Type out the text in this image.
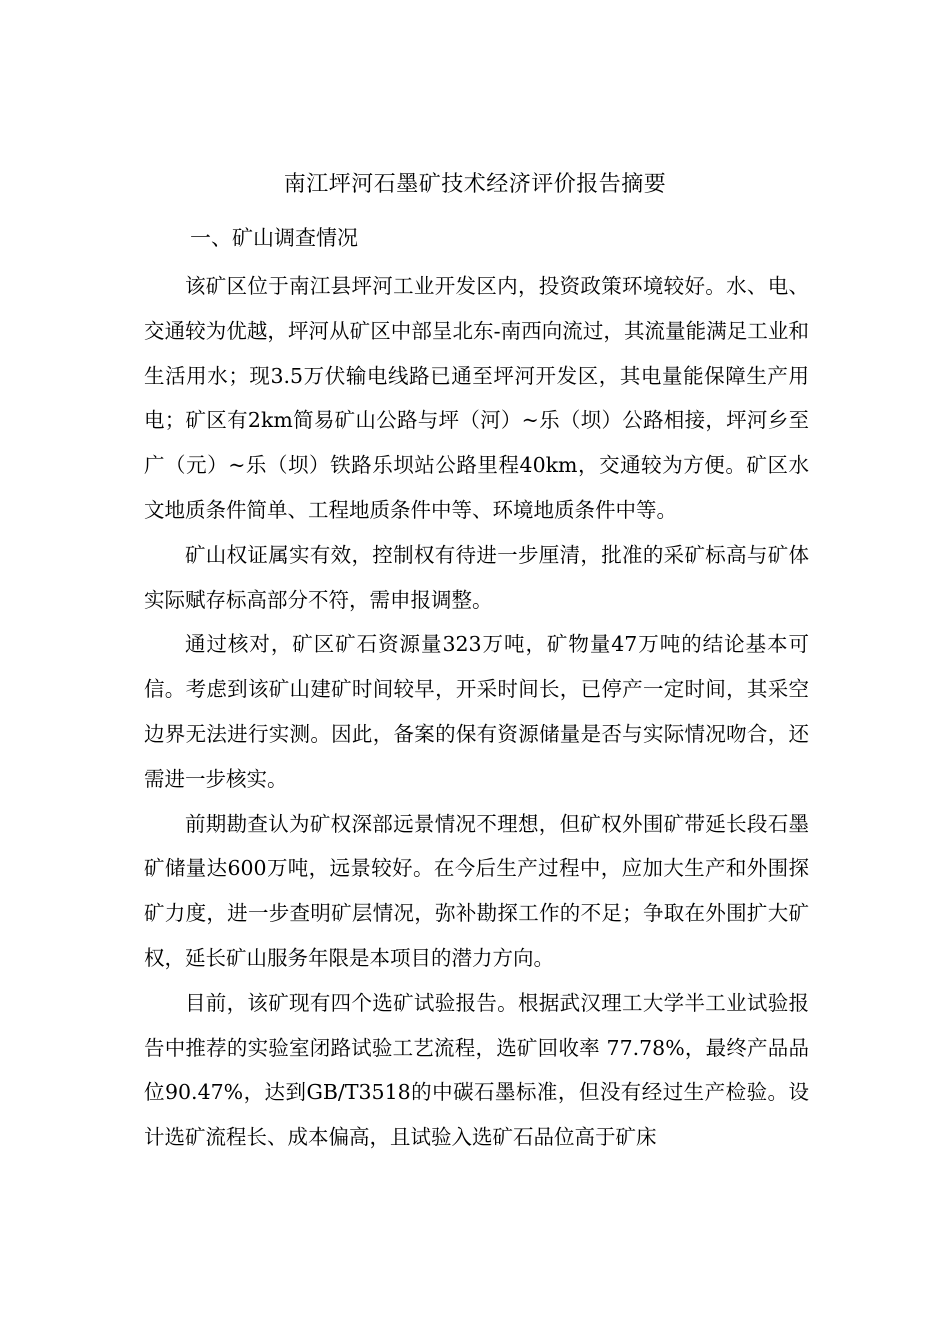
南江坪河石墨矿技术经济评价报告摘要
一、矿山调查情况

该矿区位于南江县坪河工业开发区内，投资政策环境较好。水、电、交通较为优越，坪河从矿区中部呈北东-南西向流过，其流量能满足工业和生活用水；现3.5万伏输电线路已通至坪河开发区，其电量能保障生产用电；矿区有2km简易矿山公路与坪（河）~乐（坝）公路相接，坪河乡至广（元）~乐（坝）铁路乐坝站公路里程40km，交通较为方便。矿区水文地质条件简单、工程地质条件中等、环境地质条件中等。

矿山权证属实有效，控制权有待进一步厘清，批准的采矿标高与矿体实际赋存标高部分不符，需申报调整。

通过核对，矿区矿石资源量323万吨，矿物量47万吨的结论基本可信。考虑到该矿山建矿时间较早，开采时间长，已停产一定时间，其采空边界无法进行实测。因此，备案的保有资源储量是否与实际情况吻合，还需进一步核实。

前期勘查认为矿权深部远景情况不理想，但矿权外围矿带延长段石墨矿储量达600万吨，远景较好。在今后生产过程中，应加大生产和外围探矿力度，进一步查明矿层情况，弥补勘探工作的不足；争取在外围扩大矿权，延长矿山服务年限是本项目的潜力方向。

目前，该矿现有四个选矿试验报告。根据武汉理工大学半工业试验报告中推荐的实验室闭路试验工艺流程，选矿回收率 77.78%，最终产品品位90.47%，达到GB/T3518的中碳石墨标准，但没有经过生产检验。设计选矿流程长、成本偏高，且试验入选矿石品位高于矿床
